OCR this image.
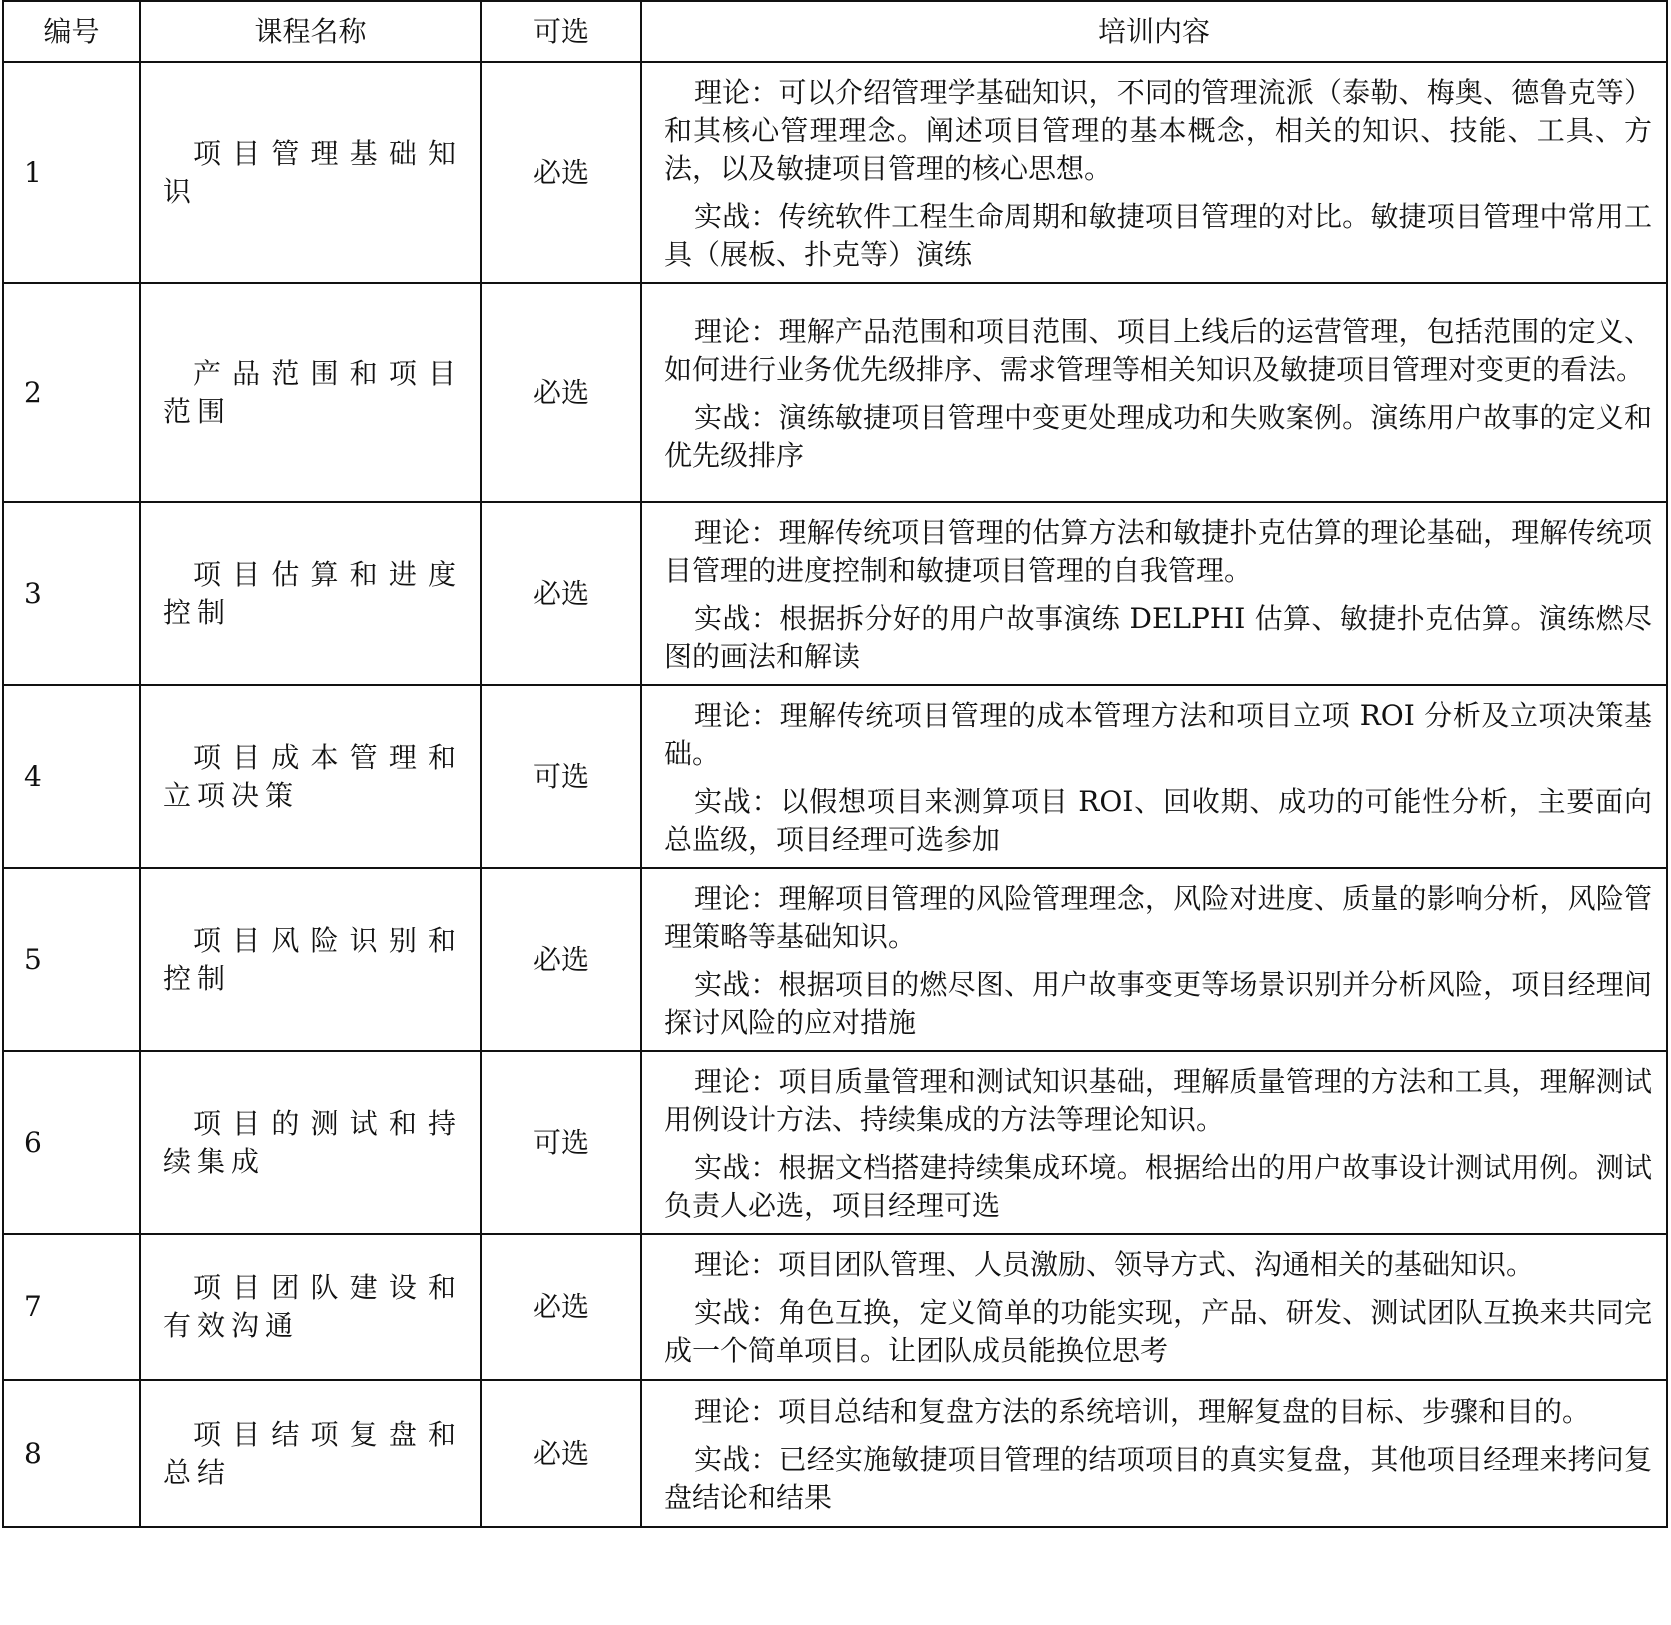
编号	课程名称	可选	培训内容
1	项目管理基础知识	必选	理论：可以介绍管理学基础知识，不同的管理流派（泰勒、梅奥、德鲁克等）和其核心管理理念。阐述项目管理的基本概念，相关的知识、技能、工具、方法，以及敏捷项目管理的核心思想。

实战：传统软件工程生命周期和敏捷项目管理的对比。敏捷项目管理中常用工具（展板、扑克等）演练

2	产品范围和项目范围	必选	理论：理解产品范围和项目范围、项目上线后的运营管理，包括范围的定义、如何进行业务优先级排序、需求管理等相关知识及敏捷项目管理对变更的看法。

实战：演练敏捷项目管理中变更处理成功和失败案例。演练用户故事的定义和优先级排序

3	项目估算和进度控制	必选	理论：理解传统项目管理的估算方法和敏捷扑克估算的理论基础，理解传统项目管理的进度控制和敏捷项目管理的自我管理。

实战：根据拆分好的用户故事演练 DELPHI 估算、敏捷扑克估算。演练燃尽图的画法和解读

4	项目成本管理和立项决策	可选	理论：理解传统项目管理的成本管理方法和项目立项 ROI 分析及立项决策基础。

实战：以假想项目来测算项目 ROI、回收期、成功的可能性分析，主要面向总监级，项目经理可选参加

5	项目风险识别和控制	必选	理论：理解项目管理的风险管理理念，风险对进度、质量的影响分析，风险管理策略等基础知识。

实战：根据项目的燃尽图、用户故事变更等场景识别并分析风险，项目经理间探讨风险的应对措施

6	项目的测试和持续集成	可选	理论：项目质量管理和测试知识基础，理解质量管理的方法和工具，理解测试用例设计方法、持续集成的方法等理论知识。

实战：根据文档搭建持续集成环境。根据给出的用户故事设计测试用例。测试负责人必选，项目经理可选

7	项目团队建设和有效沟通	必选	理论：项目团队管理、人员激励、领导方式、沟通相关的基础知识。

实战：角色互换，定义简单的功能实现，产品、研发、测试团队互换来共同完成一个简单项目。让团队成员能换位思考

8	项目结项复盘和总结	必选	理论：项目总结和复盘方法的系统培训，理解复盘的目标、步骤和目的。

实战：已经实施敏捷项目管理的结项项目的真实复盘，其他项目经理来拷问复盘结论和结果
